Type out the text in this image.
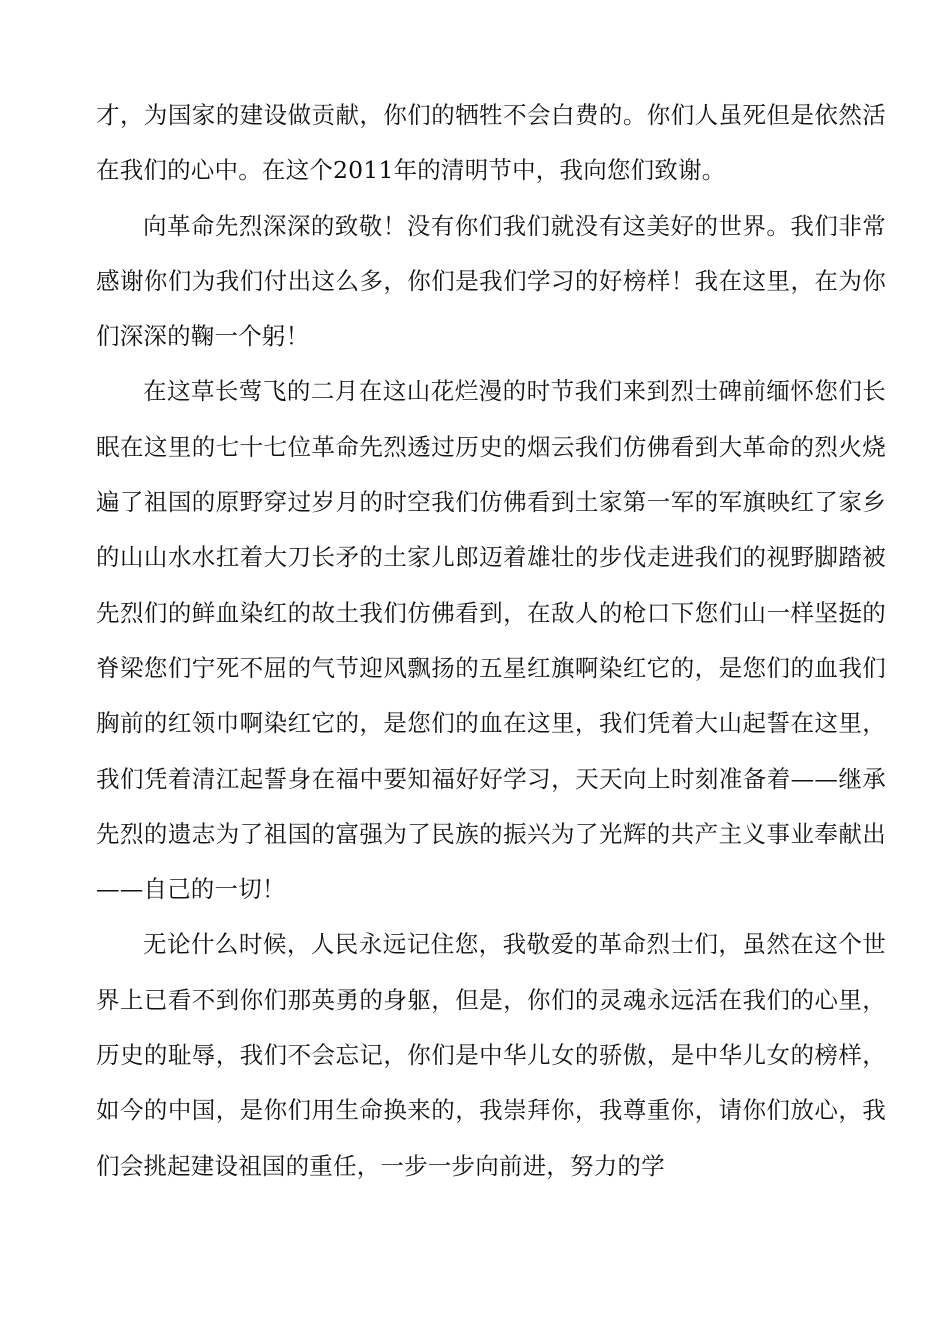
才，为国家的建设做贡献，你们的牺牲不会白费的。你们人虽死但是依然活在我们的心中。在这个2011年的清明节中，我向您们致谢。

向革命先烈深深的致敬！没有你们我们就没有这美好的世界。我们非常感谢你们为我们付出这么多，你们是我们学习的好榜样！我在这里，在为你们深深的鞠一个躬！

在这草长莺飞的二月在这山花烂漫的时节我们来到烈士碑前缅怀您们长眠在这里的七十七位革命先烈透过历史的烟云我们仿佛看到大革命的烈火烧遍了祖国的原野穿过岁月的时空我们仿佛看到土家第一军的军旗映红了家乡的山山水水扛着大刀长矛的土家儿郎迈着雄壮的步伐走进我们的视野脚踏被先烈们的鲜血染红的故土我们仿佛看到，在敌人的枪口下您们山一样坚挺的脊梁您们宁死不屈的气节迎风飘扬的五星红旗啊染红它的，是您们的血我们胸前的红领巾啊染红它的，是您们的血在这里，我们凭着大山起誓在这里，我们凭着清江起誓身在福中要知福好好学习，天天向上时刻准备着——继承先烈的遗志为了祖国的富强为了民族的振兴为了光辉的共产主义事业奉献出——自己的一切！

无论什么时候，人民永远记住您，我敬爱的革命烈士们，虽然在这个世界上已看不到你们那英勇的身躯，但是，你们的灵魂永远活在我们的心里，历史的耻辱，我们不会忘记，你们是中华儿女的骄傲，是中华儿女的榜样，如今的中国，是你们用生命换来的，我崇拜你，我尊重你，请你们放心，我们会挑起建设祖国的重任，一步一步向前进，努力的学
